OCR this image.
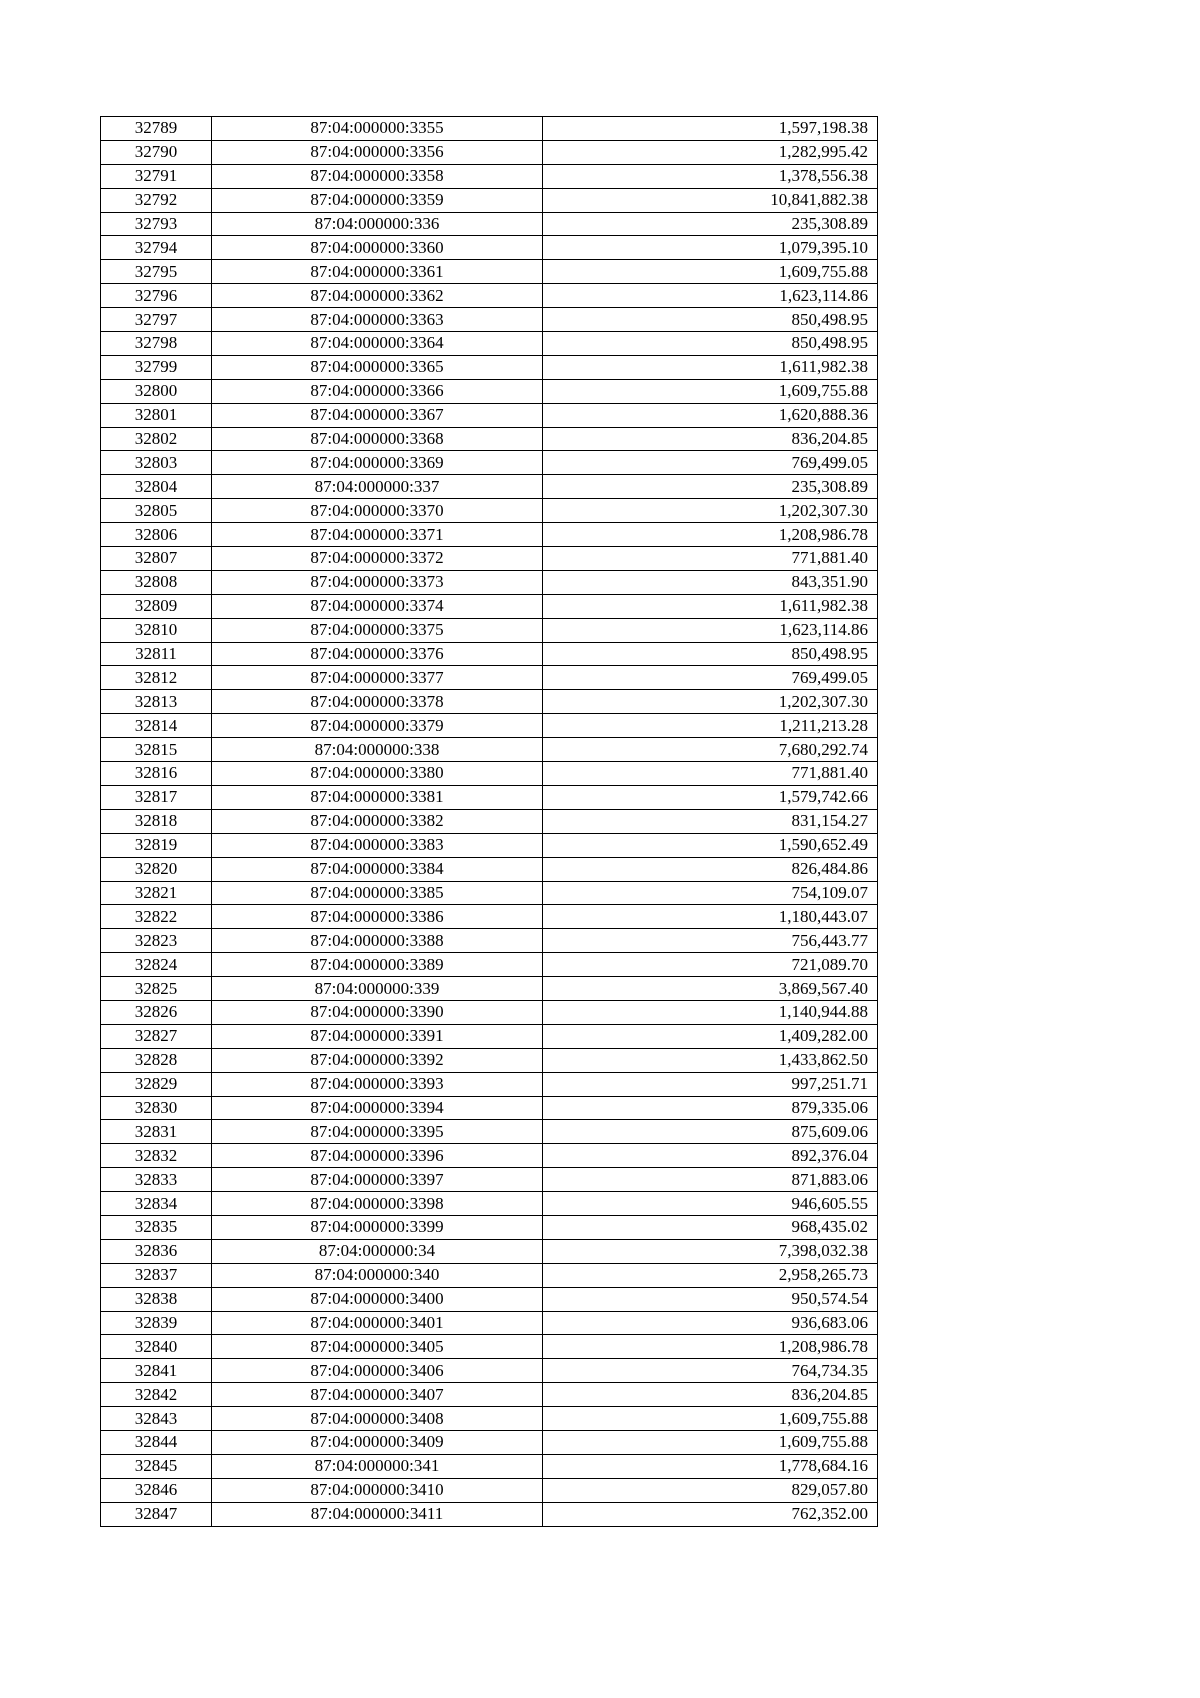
32789	87:04:000000:3355	1,597,198.38
32790	87:04:000000:3356	1,282,995.42
32791	87:04:000000:3358	1,378,556.38
32792	87:04:000000:3359	10,841,882.38
32793	87:04:000000:336	235,308.89
32794	87:04:000000:3360	1,079,395.10
32795	87:04:000000:3361	1,609,755.88
32796	87:04:000000:3362	1,623,114.86
32797	87:04:000000:3363	850,498.95
32798	87:04:000000:3364	850,498.95
32799	87:04:000000:3365	1,611,982.38
32800	87:04:000000:3366	1,609,755.88
32801	87:04:000000:3367	1,620,888.36
32802	87:04:000000:3368	836,204.85
32803	87:04:000000:3369	769,499.05
32804	87:04:000000:337	235,308.89
32805	87:04:000000:3370	1,202,307.30
32806	87:04:000000:3371	1,208,986.78
32807	87:04:000000:3372	771,881.40
32808	87:04:000000:3373	843,351.90
32809	87:04:000000:3374	1,611,982.38
32810	87:04:000000:3375	1,623,114.86
32811	87:04:000000:3376	850,498.95
32812	87:04:000000:3377	769,499.05
32813	87:04:000000:3378	1,202,307.30
32814	87:04:000000:3379	1,211,213.28
32815	87:04:000000:338	7,680,292.74
32816	87:04:000000:3380	771,881.40
32817	87:04:000000:3381	1,579,742.66
32818	87:04:000000:3382	831,154.27
32819	87:04:000000:3383	1,590,652.49
32820	87:04:000000:3384	826,484.86
32821	87:04:000000:3385	754,109.07
32822	87:04:000000:3386	1,180,443.07
32823	87:04:000000:3388	756,443.77
32824	87:04:000000:3389	721,089.70
32825	87:04:000000:339	3,869,567.40
32826	87:04:000000:3390	1,140,944.88
32827	87:04:000000:3391	1,409,282.00
32828	87:04:000000:3392	1,433,862.50
32829	87:04:000000:3393	997,251.71
32830	87:04:000000:3394	879,335.06
32831	87:04:000000:3395	875,609.06
32832	87:04:000000:3396	892,376.04
32833	87:04:000000:3397	871,883.06
32834	87:04:000000:3398	946,605.55
32835	87:04:000000:3399	968,435.02
32836	87:04:000000:34	7,398,032.38
32837	87:04:000000:340	2,958,265.73
32838	87:04:000000:3400	950,574.54
32839	87:04:000000:3401	936,683.06
32840	87:04:000000:3405	1,208,986.78
32841	87:04:000000:3406	764,734.35
32842	87:04:000000:3407	836,204.85
32843	87:04:000000:3408	1,609,755.88
32844	87:04:000000:3409	1,609,755.88
32845	87:04:000000:341	1,778,684.16
32846	87:04:000000:3410	829,057.80
32847	87:04:000000:3411	762,352.00
